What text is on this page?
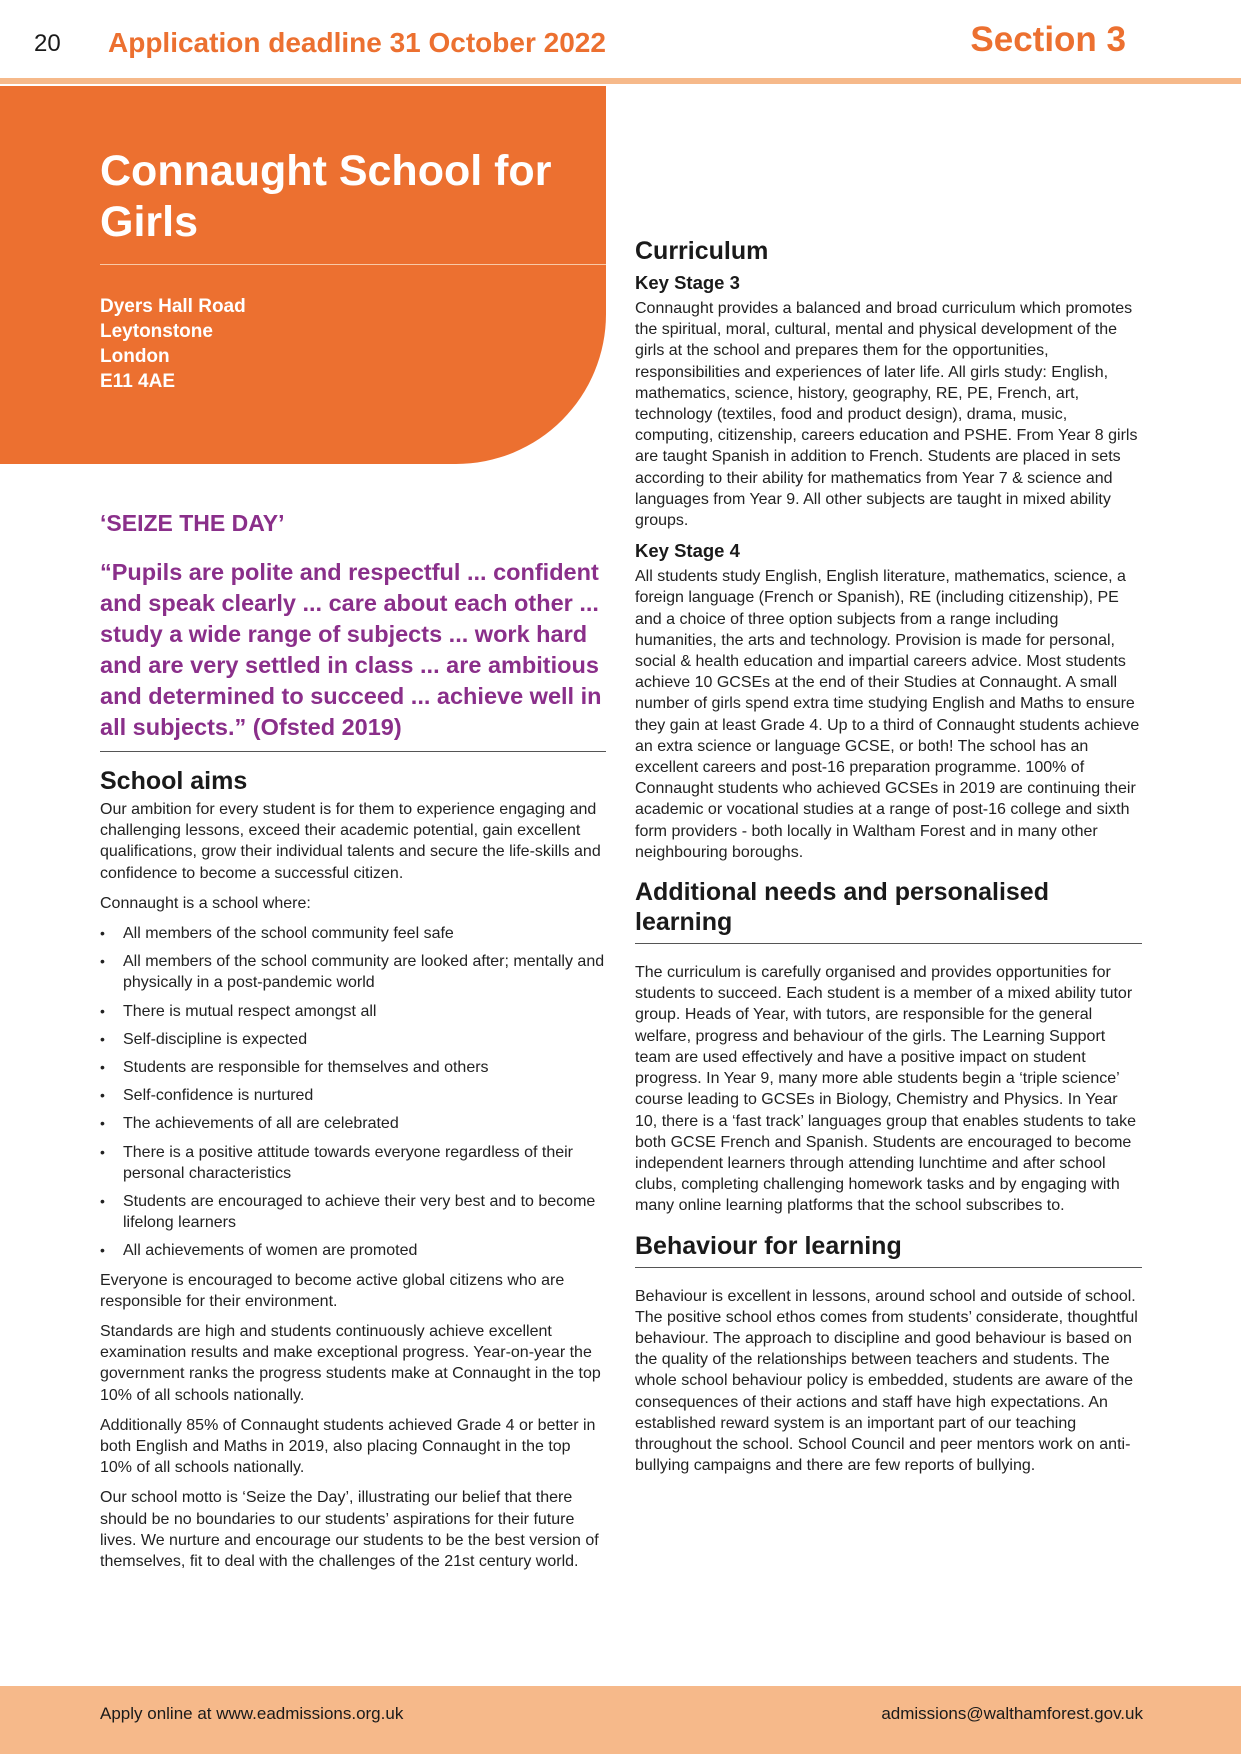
20 Application deadline 31 October 2022	Section 3
Connaught School for Girls
Dyers Hall Road
Leytonstone
London
E11 4AE
‘SEIZE THE DAY’
“Pupils are polite and respectful ... confident and speak clearly ... care about each other ... study a wide range of subjects ... work hard and are very settled in class ... are ambitious and determined to succeed ... achieve well in all subjects.” (Ofsted 2019)
School aims

Our ambition for every student is for them to experience engaging and challenging lessons, exceed their academic potential, gain excellent qualifications, grow their individual talents and secure the life-skills and confidence to become a successful citizen.

Connaught is a school where:

• All members of the school community feel safe
• All members of the school community are looked after; mentally and physically in a post-pandemic world
• There is mutual respect amongst all
• Self-discipline is expected
• Students are responsible for themselves and others
• Self-confidence is nurtured
• The achievements of all are celebrated
• There is a positive attitude towards everyone regardless of their personal characteristics
• Students are encouraged to achieve their very best and to become lifelong learners
• All achievements of women are promoted

Everyone is encouraged to become active global citizens who are responsible for their environment.

Standards are high and students continuously achieve excellent examination results and make exceptional progress. Year-on-year the government ranks the progress students make at Connaught in the top 10% of all schools nationally.

Additionally 85% of Connaught students achieved Grade 4 or better in both English and Maths in 2019, also placing Connaught in the top 10% of all schools nationally.

Our school motto is ‘Seize the Day’, illustrating our belief that there should be no boundaries to our students’ aspirations for their future lives. We nurture and encourage our students to be the best version of themselves, fit to deal with the challenges of the 21st century world.

Curriculum
Key Stage 3

Connaught provides a balanced and broad curriculum which promotes the spiritual, moral, cultural, mental and physical development of the girls at the school and prepares them for the opportunities, responsibilities and experiences of later life. All girls study: English, mathematics, science, history, geography, RE, PE, French, art, technology (textiles, food and product design), drama, music, computing, citizenship, careers education and PSHE. From Year 8 girls are taught Spanish in addition to French. Students are placed in sets according to their ability for mathematics from Year 7 & science and languages from Year 9. All other subjects are taught in mixed ability groups.

Key Stage 4

All students study English, English literature, mathematics, science, a foreign language (French or Spanish), RE (including citizenship), PE and a choice of three option subjects from a range including humanities, the arts and technology. Provision is made for personal, social & health education and impartial careers advice. Most students achieve 10 GCSEs at the end of their Studies at Connaught. A small number of girls spend extra time studying English and Maths to ensure they gain at least Grade 4. Up to a third of Connaught students achieve an extra science or language GCSE, or both! The school has an excellent careers and post-16 preparation programme. 100% of Connaught students who achieved GCSEs in 2019 are continuing their academic or vocational studies at a range of post-16 college and sixth form providers - both locally in Waltham Forest and in many other neighbouring boroughs.

Additional needs and personalised learning

The curriculum is carefully organised and provides opportunities for students to succeed. Each student is a member of a mixed ability tutor group. Heads of Year, with tutors, are responsible for the general welfare, progress and behaviour of the girls. The Learning Support team are used effectively and have a positive impact on student progress. In Year 9, many more able students begin a ‘triple science’ course leading to GCSEs in Biology, Chemistry and Physics. In Year 10, there is a ‘fast track’ languages group that enables students to take both GCSE French and Spanish. Students are encouraged to become independent learners through attending lunchtime and after school clubs, completing challenging homework tasks and by engaging with many online learning platforms that the school subscribes to.

Behaviour for learning

Behaviour is excellent in lessons, around school and outside of school. The positive school ethos comes from students’ considerate, thoughtful behaviour. The approach to discipline and good behaviour is based on the quality of the relationships between teachers and students. The whole school behaviour policy is embedded, students are aware of the consequences of their actions and staff have high expectations. An established reward system is an important part of our teaching throughout the school. School Council and peer mentors work on anti-bullying campaigns and there are few reports of bullying.

Apply online at www.eadmissions.org.uk	admissions@walthamforest.gov.uk
